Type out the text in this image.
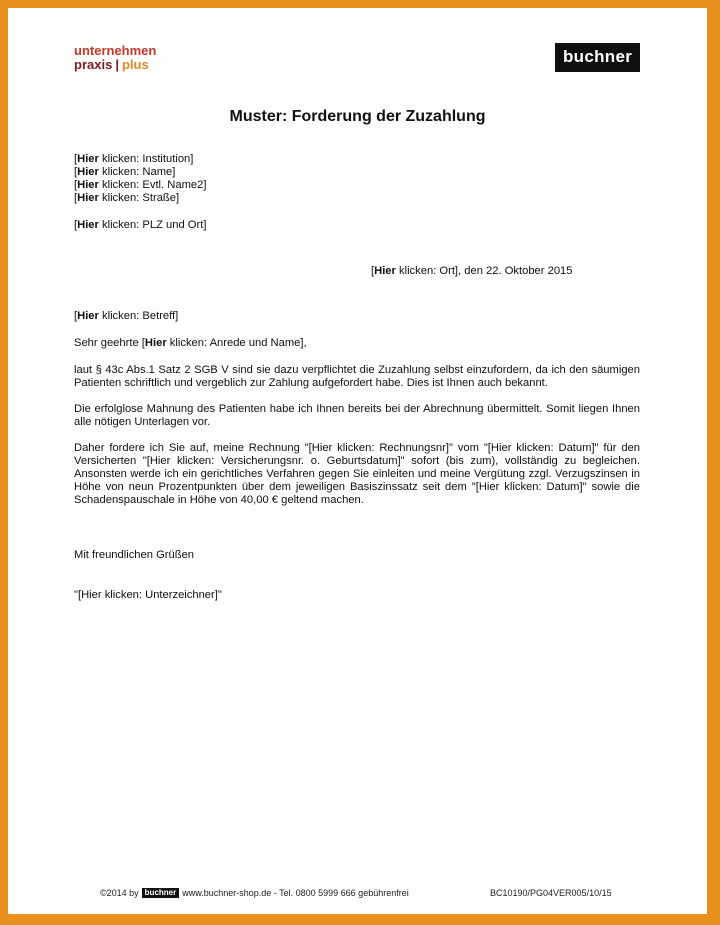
unternehmen
praxis | plus	buchner
Muster: Forderung der Zuzahlung
[Hier klicken: Institution]
[Hier klicken: Name]
[Hier klicken: Evtl. Name2]
[Hier klicken: Straße]
[Hier klicken: PLZ und Ort]
[Hier klicken: Ort], den 22. Oktober 2015
[Hier klicken: Betreff]
Sehr geehrte [Hier klicken: Anrede und Name],
laut § 43c Abs.1 Satz 2 SGB V sind sie dazu verpflichtet die Zuzahlung selbst einzufordern, da ich den säumigen Patienten schriftlich und vergeblich zur Zahlung aufgefordert habe. Dies ist Ihnen auch bekannt.
Die erfolglose Mahnung des Patienten habe ich Ihnen bereits bei der Abrechnung übermittelt. Somit liegen Ihnen alle nötigen Unterlagen vor.
Daher fordere ich Sie auf, meine Rechnung "[Hier klicken: Rechnungsnr]" vom "[Hier klicken: Datum]" für den Versicherten "[Hier klicken: Versicherungsnr. o. Geburtsdatum]" sofort (bis zum), vollständig zu begleichen. Ansonsten werde ich ein gerichtliches Verfahren gegen Sie einleiten und meine Vergütung zzgl. Verzugszinsen in Höhe von neun Prozentpunkten über dem jeweiligen Basiszinssatz seit dem "[Hier klicken: Datum]" sowie die Schadenspauschale in Höhe von 40,00 € geltend machen.
Mit freundlichen Grüßen
"[Hier klicken: Unterzeichner]"
©2014 by buchner www.buchner-shop.de - Tel. 0800 5999 666 gebührenfrei	BC10190/PG04VER005/10/15
